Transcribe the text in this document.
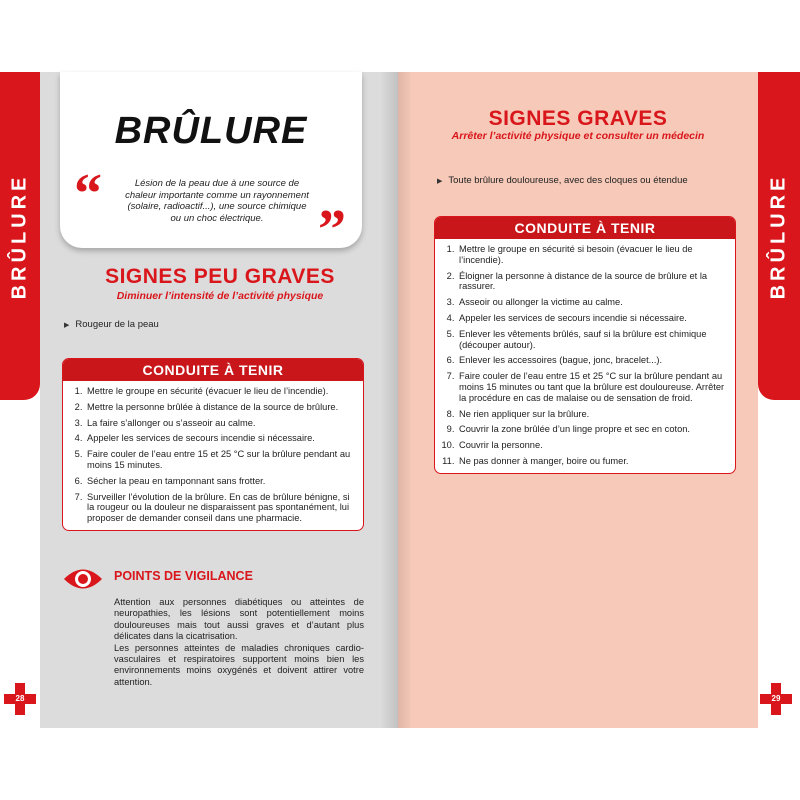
BRÛLURE	BRÛLURE
BRÛLURE
“	Lésion de la peau due à une source de chaleur importante comme un rayonnement (solaire, radioactif...), une source chimique ou un choc électrique. ”
SIGNES PEU GRAVES
Diminuer l’intensité de l’activité physique
▶ Rougeur de la peau
CONDUITE À TENIR
1. Mettre le groupe en sécurité (évacuer le lieu de l’incendie).
2. Mettre la personne brûlée à distance de la source de brûlure.
3. La faire s’allonger ou s’asseoir au calme.
4. Appeler les services de secours incendie si nécessaire.
5. Faire couler de l’eau entre 15 et 25 °C sur la brûlure pendant au moins 15 minutes.
6. Sécher la peau en tamponnant sans frotter.
7. Surveiller l’évolution de la brûlure. En cas de brûlure bénigne, si la rougeur ou la douleur ne disparaissent pas spontanément, lui proposer de demander conseil dans une pharmacie.
POINTS DE VIGILANCE

Attention aux personnes diabétiques ou atteintes de neuropathies, les lésions sont potentiellement moins douloureuses mais tout aussi graves et d’autant plus délicates dans la cicatrisation.

Les personnes atteintes de maladies chroniques cardio-vasculaires et respiratoires supportent moins bien les environnements moins oxygénés et doivent attirer votre attention.

SIGNES GRAVES
Arrêter l’activité physique et consulter un médecin
▶ Toute brûlure douloureuse, avec des cloques ou étendue
CONDUITE À TENIR
1. Mettre le groupe en sécurité si besoin (évacuer le lieu de l’incendie).
2. Éloigner la personne à distance de la source de brûlure et la rassurer.
3. Asseoir ou allonger la victime au calme.
4. Appeler les services de secours incendie si nécessaire.
5. Enlever les vêtements brûlés, sauf si la brûlure est chimique (découper autour).
6. Enlever les accessoires (bague, jonc, bracelet...).
7. Faire couler de l’eau entre 15 et 25 °C sur la brûlure pendant au moins 15 minutes ou tant que la brûlure est douloureuse. Arrêter la procédure en cas de malaise ou de sensation de froid.
8. Ne rien appliquer sur la brûlure.
9. Couvrir la zone brûlée d’un linge propre et sec en coton.
10. Couvrir la personne.
11. Ne pas donner à manger, boire ou fumer.
28	29
